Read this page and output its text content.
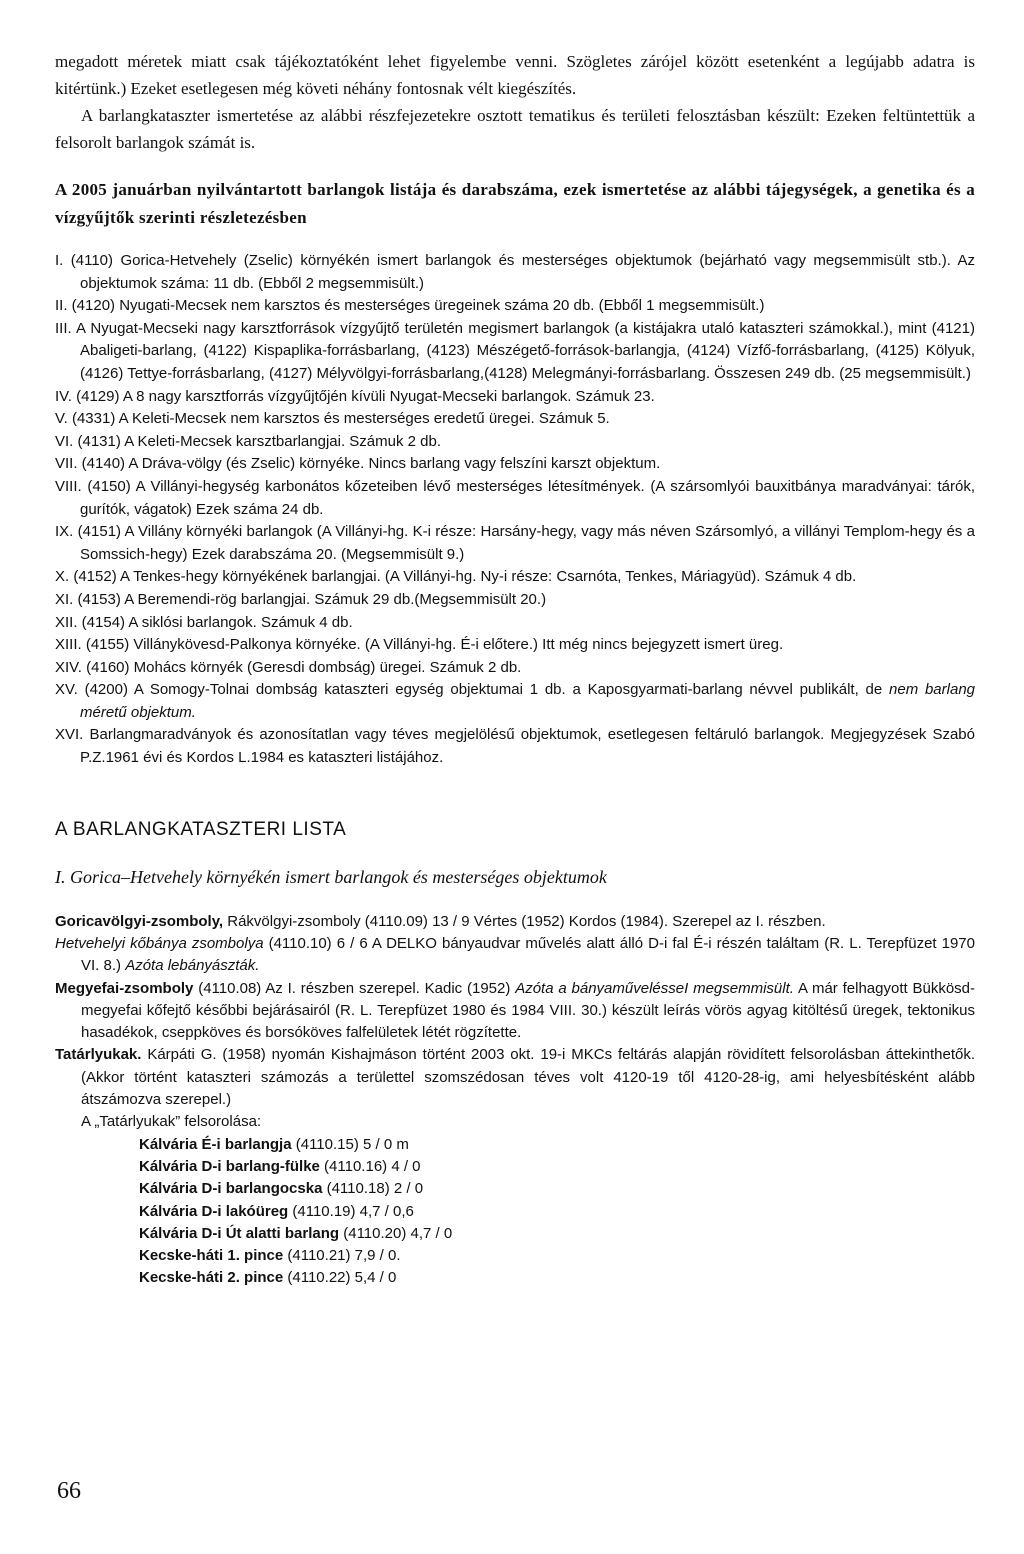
megadott méretek miatt csak tájékoztatóként lehet figyelembe venni. Szögletes zárójel között esetenként a legújabb adatra is kitértünk.) Ezeket esetlegesen még követi néhány fontosnak vélt kiegészítés.

A barlangkataszter ismertetése az alábbi részfejezetekre osztott tematikus és területi felosztásban készült: Ezeken feltüntettük a felsorolt barlangok számát is.

A 2005 januárban nyilvántartott barlangok listája és darabszáma, ezek ismertetése az alábbi tájegységek, a genetika és a vízgyűjtők szerinti részletezésben

I. (4110) Gorica-Hetvehely (Zselic) környékén ismert barlangok és mesterséges objektumok (bejárható vagy megsemmisült stb.). Az objektumok száma: 11 db. (Ebből 2 megsemmisült.)

II. (4120) Nyugati-Mecsek nem karsztos és mesterséges üregeinek száma 20 db. (Ebből 1 megsemmisült.)

III. A Nyugat-Mecseki nagy karsztforrások vízgyűjtő területén megismert barlangok (a kistájakra utaló kataszteri számokkal.), mint (4121) Abaligeti-barlang, (4122) Kispaplika-forrásbarlang, (4123) Mészégető-források-barlangja, (4124) Vízfő-forrásbarlang, (4125) Kölyuk, (4126) Tettye-forrásbarlang, (4127) Mélyvölgyi-forrásbarlang,(4128) Melegmányi-forrásbarlang. Összesen 249 db. (25 megsemmisült.)

IV. (4129) A 8 nagy karsztforrás vízgyűjtőjén kívüli Nyugat-Mecseki barlangok. Számuk 23.

V. (4331) A Keleti-Mecsek nem karsztos és mesterséges eredetű üregei. Számuk 5.

VI. (4131) A Keleti-Mecsek karsztbarlangjai. Számuk 2 db.

VII. (4140) A Dráva-völgy (és Zselic) környéke. Nincs barlang vagy felszíni karszt objektum.

VIII. (4150) A Villányi-hegység karbonátos kőzeteiben lévő mesterséges létesítmények. (A szársomlyói bauxitbánya maradványai: tárók, gurítók, vágatok) Ezek száma 24 db.

IX. (4151) A Villány környéki barlangok (A Villányi-hg. K-i része: Harsány-hegy, vagy más néven Szársomlyó, a villányi Templom-hegy és a Somssich-hegy) Ezek darabszáma 20. (Megsemmisült 9.)

X. (4152) A Tenkes-hegy környékének barlangjai. (A Villányi-hg. Ny-i része: Csarnóta, Tenkes, Máriagyüd). Számuk 4 db.

XI. (4153) A Beremendi-rög barlangjai. Számuk 29 db.(Megsemmisült 20.)

XII. (4154) A siklósi barlangok. Számuk 4 db.

XIII. (4155) Villánykövesd-Palkonya környéke. (A Villányi-hg. É-i előtere.) Itt még nincs bejegyzett ismert üreg.

XIV. (4160) Mohács környék (Geresdi dombság) üregei. Számuk 2 db.

XV. (4200) A Somogy-Tolnai dombság kataszteri egység objektumai 1 db. a Kaposgyarmati-barlang névvel publikált, de nem barlang méretű objektum.

XVI. Barlangmaradványok és azonosítatlan vagy téves megjelölésű objektumok, esetlegesen feltáruló barlangok. Megjegyzések Szabó P.Z.1961 évi és Kordos L.1984 es kataszteri listájához.

A BARLANGKATASZTERI LISTA

I. Gorica–Hetvehely környékén ismert barlangok és mesterséges objektumok

Goricavölgyi-zsomboly, Rákvölgyi-zsomboly (4110.09) 13 / 9 Vértes (1952) Kordos (1984). Szerepel az I. részben.

Hetvehelyi kőbánya zsombolya (4110.10) 6 / 6 A DELKO bányaudvar művelés alatt álló D-i fal É-i részén találtam (R. L. Terepfüzet 1970 VI. 8.) Azóta lebányászták.

Megyefai-zsomboly (4110.08) Az I. részben szerepel. Kadic (1952) Azóta a bányaművelésseI megsemmisült. A már felhagyott Bükkösd-megyefai kőfejtő későbbi bejárásairól (R. L. Terepfüzet 1980 és 1984 VIII. 30.) készült leírás vörös agyag kitöltésű üregek, tektonikus hasadékok, cseppköves és borsóköves falfelületek létét rögzítette.

Tatárlyukak. Kárpáti G. (1958) nyomán Kishajmáson történt 2003 okt. 19-i MKCs feltárás alapján rövidített felsorolásban áttekinthetők. (Akkor történt kataszteri számozás a területtel szomszédosan téves volt 4120-19 től 4120-28-ig, ami helyesbítésként alább átszámozva szerepel.)

A „Tatárlyukak” felsorolása:

Kálvária É-i barlangja (4110.15) 5 / 0 m

Kálvária D-i barlang-fülke (4110.16) 4 / 0

Kálvária D-i barlangocska (4110.18) 2 / 0

Kálvária D-i lakóüreg (4110.19) 4,7 / 0,6

Kálvária D-i Út alatti barlang (4110.20) 4,7 / 0

Kecske-háti 1. pince (4110.21) 7,9 / 0.

Kecske-háti 2. pince (4110.22) 5,4 / 0

66
